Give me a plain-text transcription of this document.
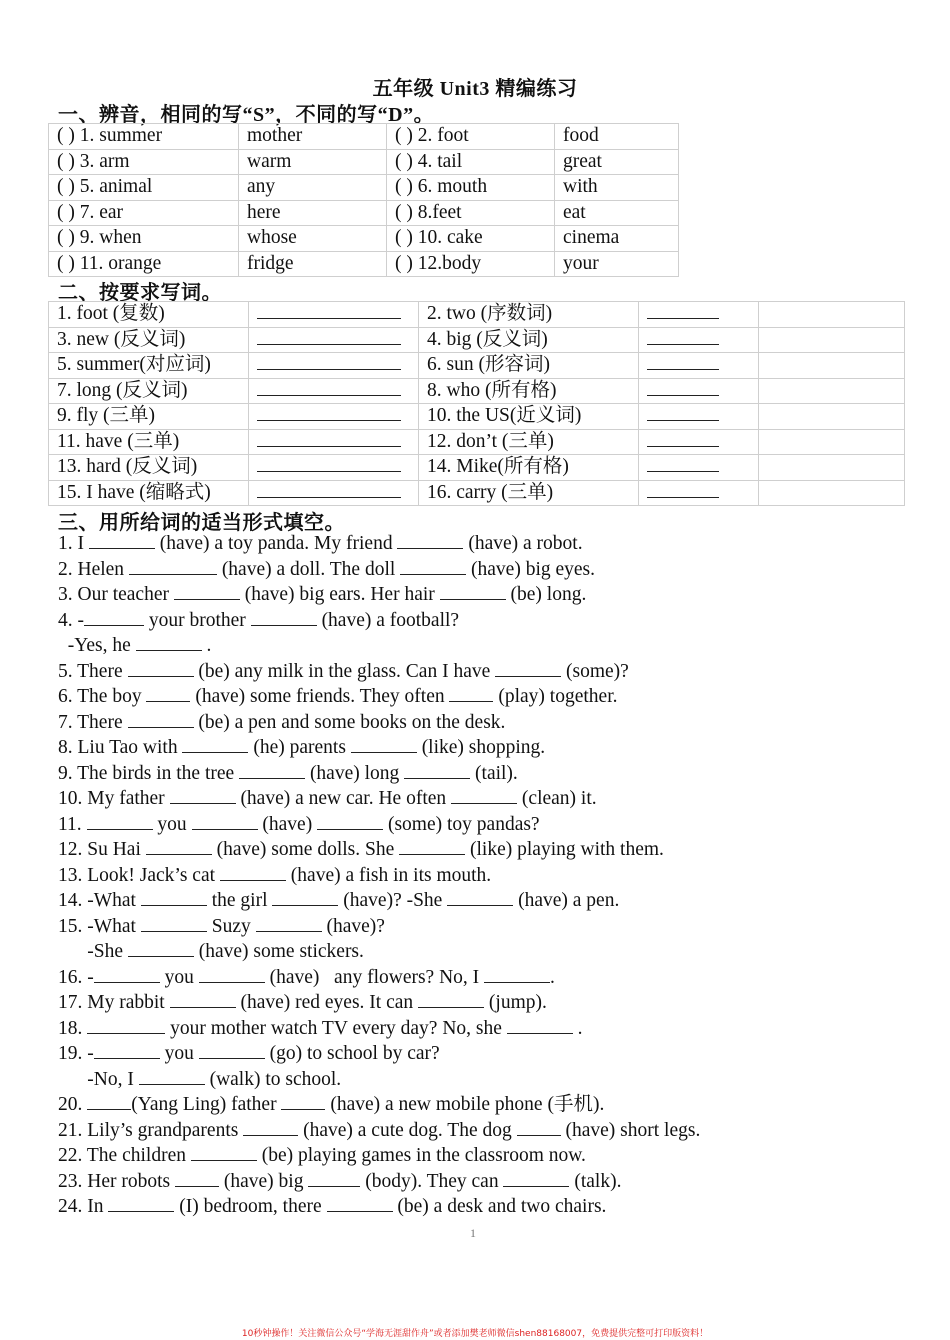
五年级 Unit3 精编练习
一、辨音，相同的写“S”，不同的写“D”。
( ) 1. summer	mother	( ) 2. foot	food
( ) 3. arm	warm	( ) 4. tail	great
( ) 5. animal	any	( ) 6. mouth	with
( ) 7. ear	here	( ) 8.feet	eat
( ) 9. when	whose	( ) 10. cake	cinema
( ) 11. orange	fridge	( ) 12.body	your
二、按要求写词。
1. foot (复数)		2. two (序数词)		
3. new (反义词)		4. big (反义词)		
5. summer(对应词)		6. sun (形容词)		
7. long (反义词)		8. who (所有格)		
9. fly (三单)		10. the US(近义词)		
11. have (三单)		12. don’t (三单)		
13. hard (反义词)		14. Mike(所有格)		
15. I have (缩略式)		16. carry (三单)		
三、用所给词的适当形式填空。
1. I	(have) a toy panda. My friend	(have) a robot.
2. Helen	(have) a doll. The doll	(have) big eyes.
3. Our teacher	(have) big ears. Her hair	(be) long.
4. -	your brother	(have) a football?
-Yes, he	.
5. There	(be) any milk in the glass. Can I have	(some)?
6. The boy  (have) some friends. They often  (play) together.
7. There	(be) a pen and some books on the desk.
8. Liu Tao with	(he) parents	(like) shopping.
9. The birds in the tree	(have) long	(tail).
10. My father	(have) a new car. He often	(clean) it.
11.	you	(have)	(some) toy pandas?
12. Su Hai	(have) some dolls. She	(like) playing with them.
13. Look! Jack’s cat	(have) a fish in its mouth.
14. -What	the girl	(have)? -She	(have) a pen.
15. -What	Suzy	(have)?
-She	(have) some stickers.
16. -	you	(have)   any flowers? No, I	.
17. My rabbit	(have) red eyes. It can	(jump).
18.	your mother watch TV every day? No, she	.
19. -	you	(go) to school by car?
-No, I	(walk) to school.
20. (Yang Ling) father  (have) a new mobile phone (手机).
21. Lily’s grandparents	(have) a cute dog. The dog  (have) short legs.
22. The children	(be) playing games in the classroom now.
23. Her robots  (have) big	(body). They can	(talk).
24. In	(I) bedroom, there	(be) a desk and two chairs.
1
10秒钟操作！关注微信公众号“学海无涯甜作舟”或者添加樊老师微信shen88168007，免费提供完整可打印版资料！
